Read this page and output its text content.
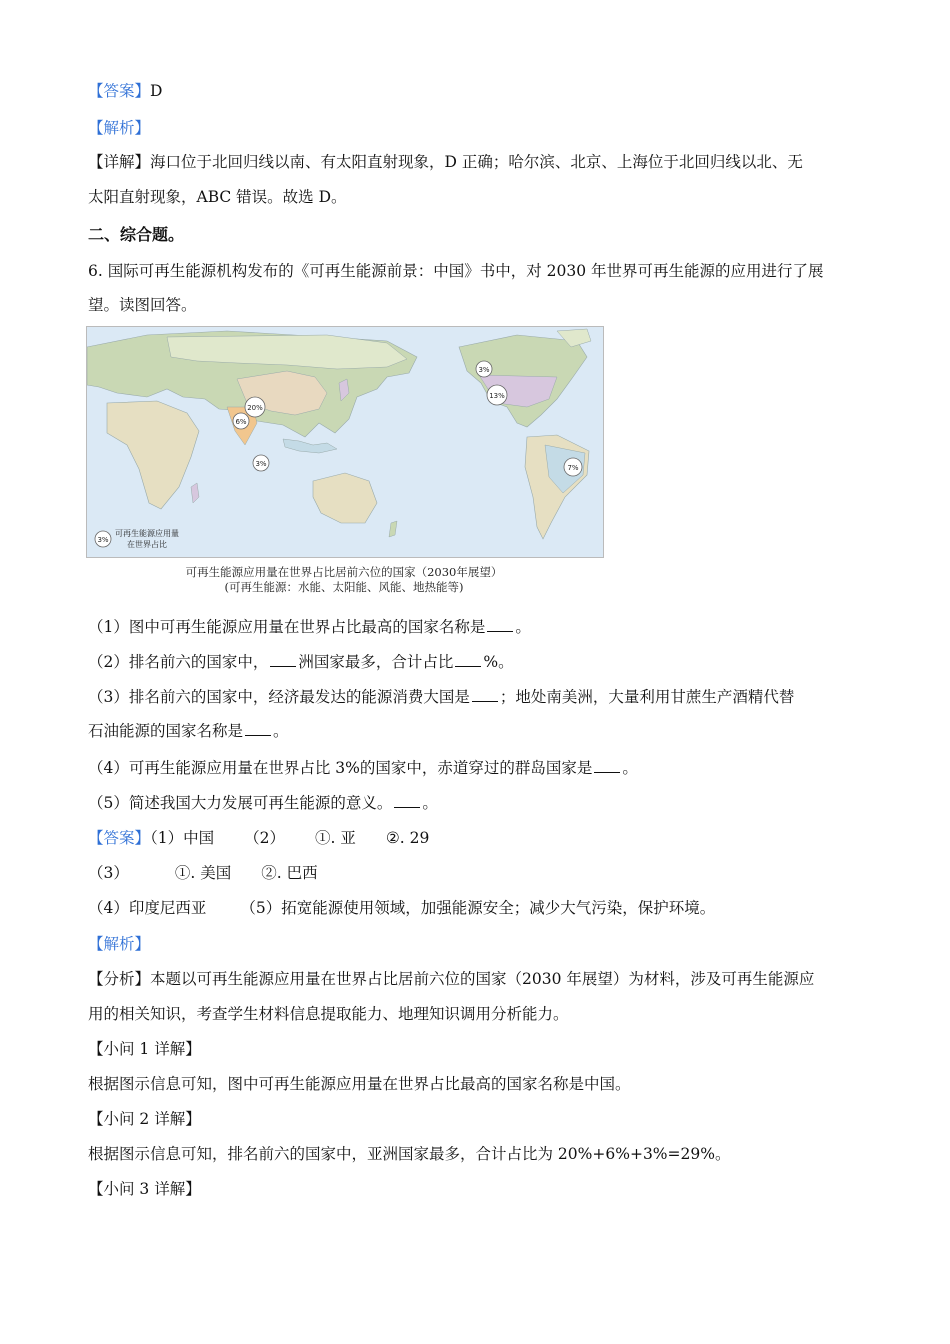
【答案】D
【解析】
【详解】海口位于北回归线以南、有太阳直射现象，D 正确；哈尔滨、北京、上海位于北回归线以北、无
太阳直射现象，ABC 错误。故选 D。
二、综合题。
6. 国际可再生能源机构发布的《可再生能源前景：中国》书中，对 2030 年世界可再生能源的应用进行了展
望。读图回答。
20%
6%
3%
3%
13%
7%
3%
可再生能源应用量
在世界占比
可再生能源应用量在世界占比居前六位的国家（2030年展望）
(可再生能源：水能、太阳能、风能、地热能等)
（1）图中可再生能源应用量在世界占比最高的国家名称是 。
（2）排名前六的国家中， 洲国家最多，合计占比 %。
（3）排名前六的国家中，经济最发达的能源消费大国是 ；地处南美洲，大量利用甘蔗生产酒精代替
石油能源的国家名称是 。
（4）可再生能源应用量在世界占比 3%的国家中，赤道穿过的群岛国家是 。
（5）简述我国大力发展可再生能源的意义。 。
【答案】（1）中国 （2） ①. 亚 ②. 29
（3）	①. 美国 ②. 巴西
（4）印度尼西亚 （5）拓宽能源使用领域，加强能源安全；减少大气污染，保护环境。
【解析】
【分析】本题以可再生能源应用量在世界占比居前六位的国家（2030 年展望）为材料，涉及可再生能源应
用的相关知识，考查学生材料信息提取能力、地理知识调用分析能力。
【小问 1 详解】
根据图示信息可知，图中可再生能源应用量在世界占比最高的国家名称是中国。
【小问 2 详解】
根据图示信息可知，排名前六的国家中，亚洲国家最多，合计占比为 20%+6%+3%=29%。
【小问 3 详解】
